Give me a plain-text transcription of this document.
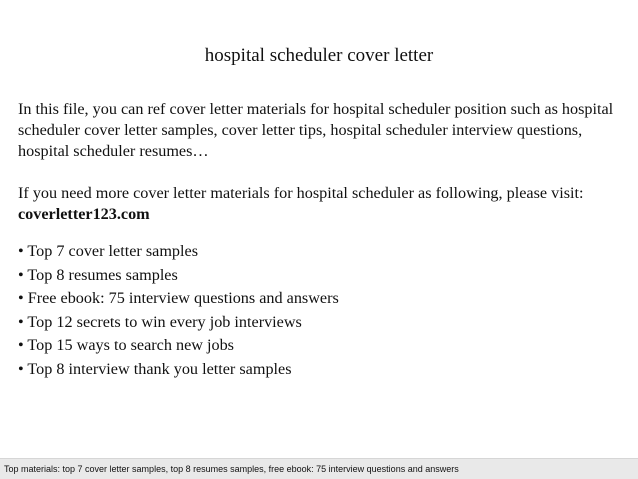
hospital scheduler cover letter

In this file, you can ref cover letter materials for hospital scheduler position such as hospital scheduler cover letter samples, cover letter tips, hospital scheduler interview questions, hospital scheduler resumes…

If you need more cover letter materials for hospital scheduler as following, please visit: coverletter123.com

• Top 7 cover letter samples
• Top 8 resumes samples
• Free ebook: 75 interview questions and answers
• Top 12 secrets to win every job interviews
• Top 15 ways to search new jobs
• Top 8 interview thank you letter samples
Top materials: top 7 cover letter samples, top 8 resumes samples, free ebook: 75 interview questions and answers
